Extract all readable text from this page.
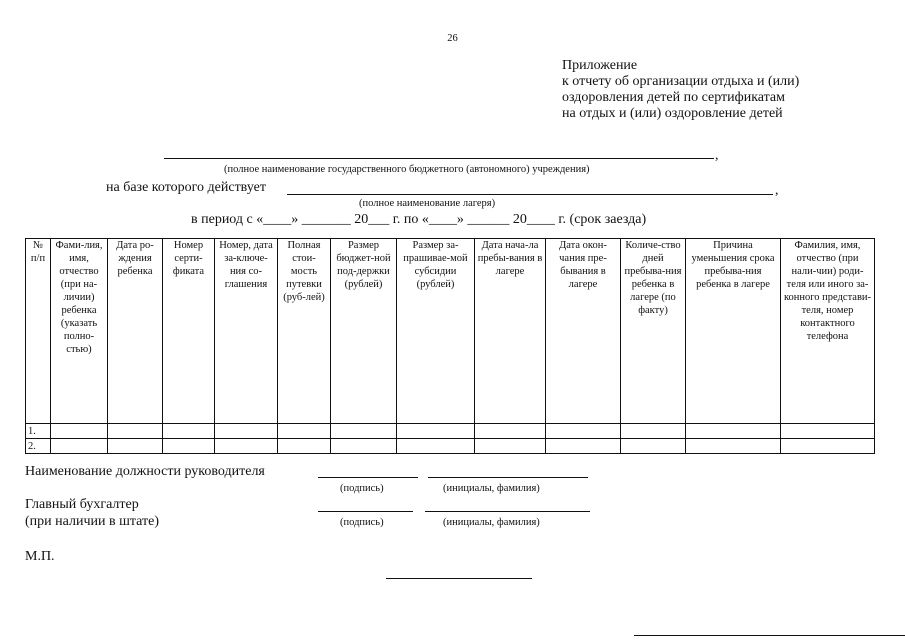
26
Приложение
к отчету об организации отдыха и (или)
оздоровления детей по сертификатам
на отдых и (или) оздоровление детей
,
(полное наименование государственного бюджетного (автономного) учреждения)
на базе которого действует	,
(полное наименование лагеря)
в период с «____» _______ 20___ г. по «____» ______ 20____ г. (срок заезда)
№ п/п	Фами-лия, имя, отчество (при на-личии) ребенка (указать полно-стью)	Дата ро-ждения ребенка	Номер серти-фиката	Номер, дата за-ключе-ния со-глашения	Полная стои-мость путевки (руб-лей)	Размер бюджет-ной под-держки (рублей)	Размер за-прашивае-мой субсидии (рублей)	Дата нача-ла пребы-вания в лагере	Дата окон-чания пре-бывания в лагере	Количе-ство дней пребыва-ния ребенка в лагере (по факту)	Причина уменьшения срока пребыва-ния ребенка в лагере	Фамилия, имя, отчество (при нали-чии) роди-теля или иного за-конного представи-теля, номер контактного телефона
1.												
2.												
Наименование должности руководителя
(подпись)	(инициалы, фамилия)
Главный бухгалтер
(при наличии в штате)	(подпись)	(инициалы, фамилия)
М.П.
